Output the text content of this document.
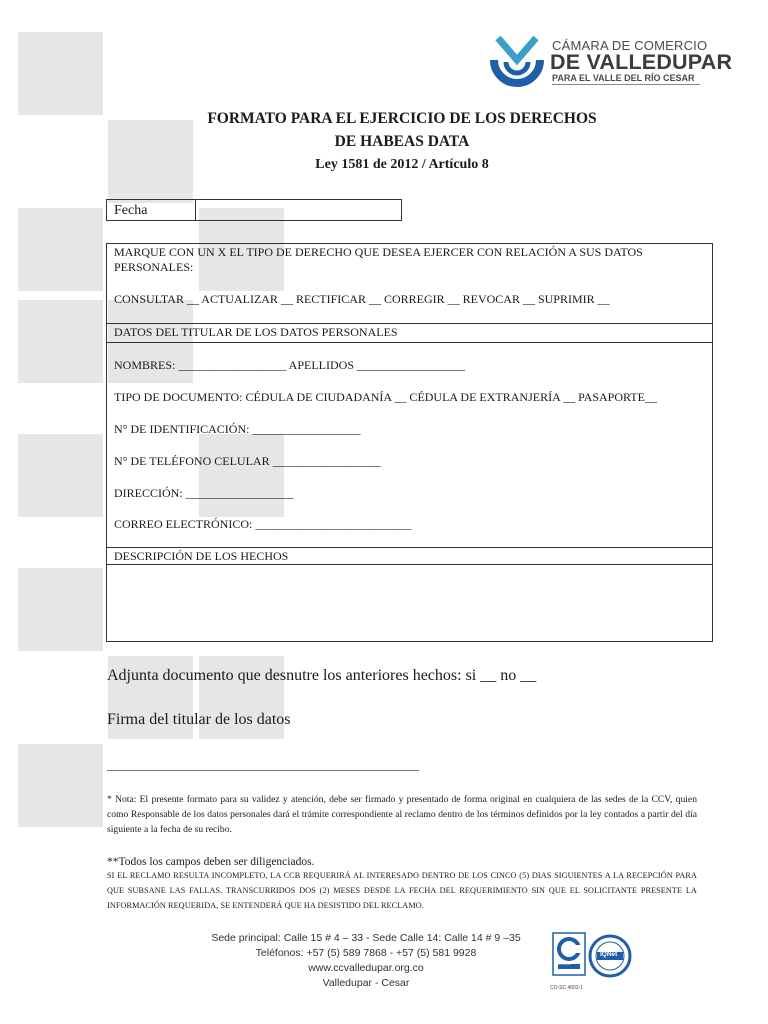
CÁMARA DE COMERCIO
DE VALLEDUPAR
PARA EL VALLE DEL RÍO CESAR
FORMATO PARA EL EJERCICIO DE LOS DERECHOS
DE HABEAS DATA
Ley 1581 de 2012 / Artículo 8
Fecha
MARQUE CON UN X EL TIPO DE DERECHO QUE DESEA EJERCER CON RELACIÓN A SUS DATOS PERSONALES:
CONSULTAR __ ACTUALIZAR __ RECTIFICAR __ CORREGIR __ REVOCAR __ SUPRIMIR __
DATOS DEL TITULAR DE LOS DATOS PERSONALES
NOMBRES: __________________ APELLIDOS __________________
TIPO DE DOCUMENTO: CÉDULA DE CIUDADANÍA __ CÉDULA DE EXTRANJERÍA __ PASAPORTE__
N° DE IDENTIFICACIÓN: __________________
N° DE TELÉFONO CELULAR __________________
DIRECCIÓN: __________________
CORREO ELECTRÓNICO: __________________________
DESCRIPCIÓN DE LOS HECHOS
Adjunta documento que desnutre los anteriores hechos: si __ no __
Firma del titular de los datos
____________________________________________________
* Nota: El presente formato para su validez y atención, debe ser firmado y presentado de forma original en cualquiera de las sedes de la CCV, quien como Responsable de los datos personales dará el trámite correspondiente al reclamo dentro de los términos definidos por la ley contados a partir del día siguiente a la fecha de su recibo.
**Todos los campos deben ser diligenciados.
SI EL RECLAMO RESULTA INCOMPLETO, LA CCB REQUERIRÁ AL INTERESADO DENTRO DE LOS CINCO (5) DIAS SIGUIENTES A LA RECEPCIÓN PARA QUE SUBSANE LAS FALLAS. TRANSCURRIDOS DOS (2) MESES DESDE LA FECHA DEL REQUERIMIENTO SIN QUE EL SOLICITANTE PRESENTE LA INFORMACIÓN REQUERIDA, SE ENTENDERÁ QUE HA DESISTIDO DEL RECLAMO.
Sede principal: Calle 15 # 4 – 33 - Sede Calle 14: Calle 14 # 9 –35
Teléfonos: +57 (5) 589 7868 - +57 (5) 581 9928
www.ccvalledupar.org.co
Valledupar - Cesar
ISO 9001
IQNet
CO-SC 4502-1
